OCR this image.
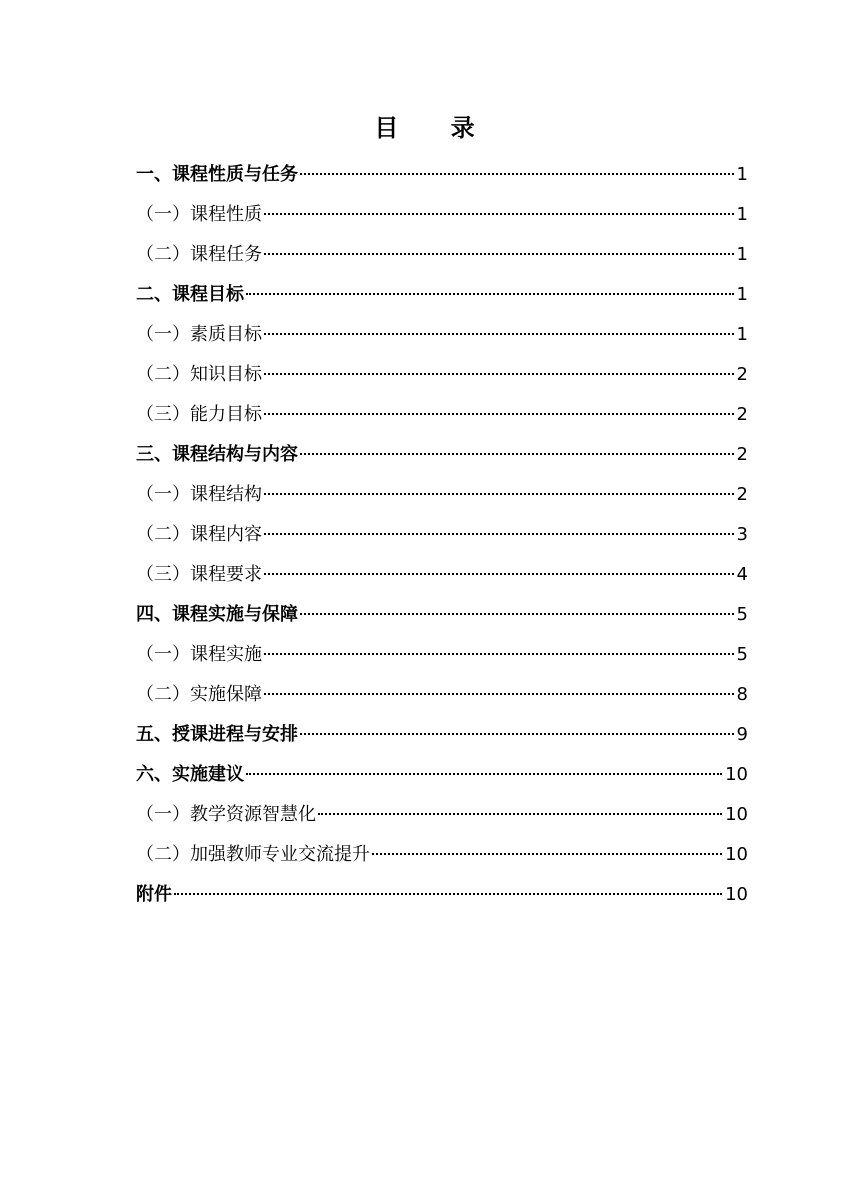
目 录
一、课程性质与任务	1
（一）课程性质	1
（二）课程任务	1
二、课程目标	1
（一）素质目标	1
（二）知识目标	2
（三）能力目标	2
三、课程结构与内容	2
（一）课程结构	2
（二）课程内容	3
（三）课程要求	4
四、课程实施与保障	5
（一）课程实施	5
（二）实施保障	8
五、授课进程与安排	9
六、实施建议	10
（一）教学资源智慧化	10
（二）加强教师专业交流提升	10
附件	10
